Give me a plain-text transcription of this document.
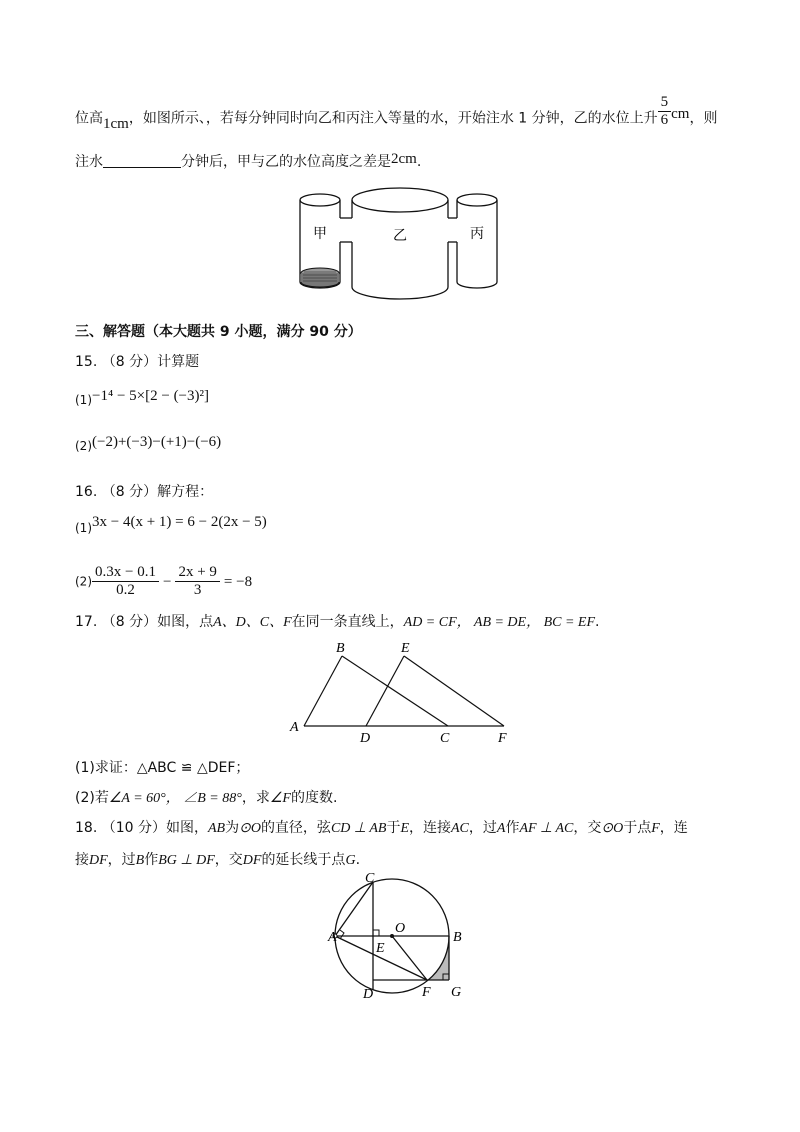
位高1cm，如图所示、，若每分钟同时向乙和丙注入等量的水，开始注水 1 分钟，乙的水位上升 $\frac{5}{6}$ cm，则
注水	分钟后，甲与乙的水位高度之差是2cm.
甲	乙	丙
三、解答题（本大题共 9 小题，满分 90 分）
15. （8 分）计算题
(1)−1⁴ − 5×[2 − (−3)²]
(2)(−2)+(−3)−(+1)−(−6)
16. （8 分）解方程：
(1)3x − 4(x + 1) = 6 − 2(2x − 5)
$(2) \frac{0.3x - 0.1}{0.2} - \frac{2x + 9}{3} = -8$
17. （8 分）如图，点A、D、C、F在同一条直线上，AD = CF， AB = DE， BC = EF.
A
B
C
D
E
F
(1)求证：△ABC ≌ △DEF；
(2)若∠A = 60°， ∠B = 88°，求∠F的度数.
18. （10 分）如图，AB为⊙O的直径，弦CD ⊥ AB于E，连接AC，过A作AF ⊥ AC，交⊙O于点F，连
接DF，过B作BG ⊥ DF，交DF的延长线于点G.
A	B
C
D
E
F G
O
